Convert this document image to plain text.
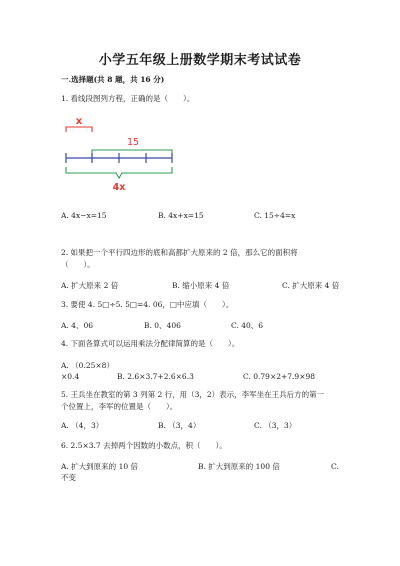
小学五年级上册数学期末考试试卷
一.选择题(共 8 题，共 16 分)
1. 看线段图列方程，正确的是（　　）。
x
15
4x
A. 4x−x=15	B. 4x+x=15	C. 15÷4=x
2. 如果把一个平行四边形的底和高都扩大原来的 2 倍，那么它的面积将
（　　）。
A. 扩大原来 2 倍	B. 缩小原来 4 倍	C. 扩大原来 4 倍
3. 要使 4. 5□÷5. 5□=4. 06，□中应填（　　）。
A. 4、06	B. 0、406	C. 40、6
4. 下面各算式可以运用乘法分配律简算的是（　　）。
A. （0.25×8）
×0.4	B. 2.6×3.7+2.6×6.3	C. 0.79×2+7.9×98
5. 王兵坐在教室的第 3 列第 2 行，用（3，2）表示，李军坐在王兵后方的第一
个位置上，李军的位置是（　　）。
A. （4，3）	B. （3，4）	C. （3，3）
6. 2.5×3.7 去掉两个因数的小数点，积（　　）。
A. 扩大到原来的 10 倍	B. 扩大到原来的 100 倍	C.
不变
